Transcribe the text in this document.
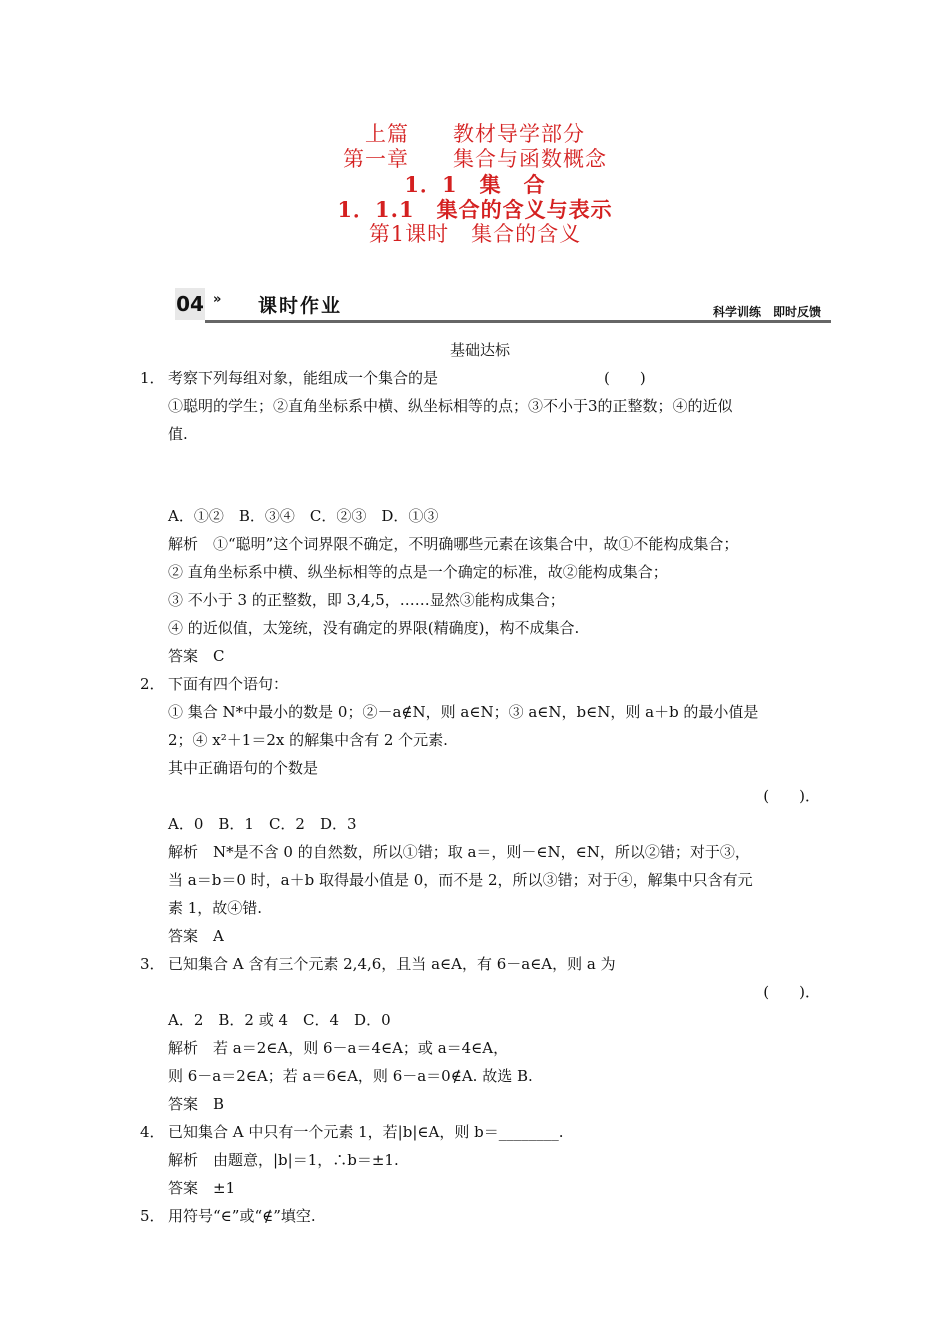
上篇　　教材导学部分
第一章　　集合与函数概念
1．1　集　合
1．1.1　集合的含义与表示
第1课时　集合的含义
04 » 课时作业	科学训练　即时反馈
基础达标
1． 考察下列每组对象，能组成一个集合的是	(　　)
①聪明的学生；②直角坐标系中横、纵坐标相等的点；③不小于3的正整数；④的近似
值.
A．①②　B．③④　C．②③　D．①③
解析　①“聪明”这个词界限不确定，不明确哪些元素在该集合中，故①不能构成集合；
② 直角坐标系中横、纵坐标相等的点是一个确定的标准，故②能构成集合；
③ 不小于 3 的正整数，即 3,4,5，……显然③能构成集合；
④ 的近似值，太笼统，没有确定的界限(精确度)，构不成集合.
答案　C
2． 下面有四个语句：
① 集合 N*中最小的数是 0；②－a∉N，则 a∈N；③ a∈N，b∈N，则 a＋b 的最小值是
2；④ x²＋1＝2x 的解集中含有 2 个元素.
其中正确语句的个数是
(　　)．
A．0　B．1　C．2　D．3
解析　N*是不含 0 的自然数，所以①错；取 a＝，则－∈N，∈N，所以②错；对于③，
当 a＝b＝0 时，a＋b 取得最小值是 0，而不是 2，所以③错；对于④，解集中只含有元
素 1，故④错.
答案　A
3． 已知集合 A 含有三个元素 2,4,6，且当 a∈A，有 6－a∈A，则 a 为
(　　)．
A．2　B．2 或 4　C．4　D．0
解析　若 a＝2∈A，则 6－a＝4∈A；或 a＝4∈A，
则 6－a＝2∈A；若 a＝6∈A，则 6－a＝0∉A. 故选 B.
答案　B
4． 已知集合 A 中只有一个元素 1，若|b|∈A，则 b＝________.
解析　由题意，|b|＝1，∴b＝±1.
答案　±1
5． 用符号“∈”或“∉”填空.
